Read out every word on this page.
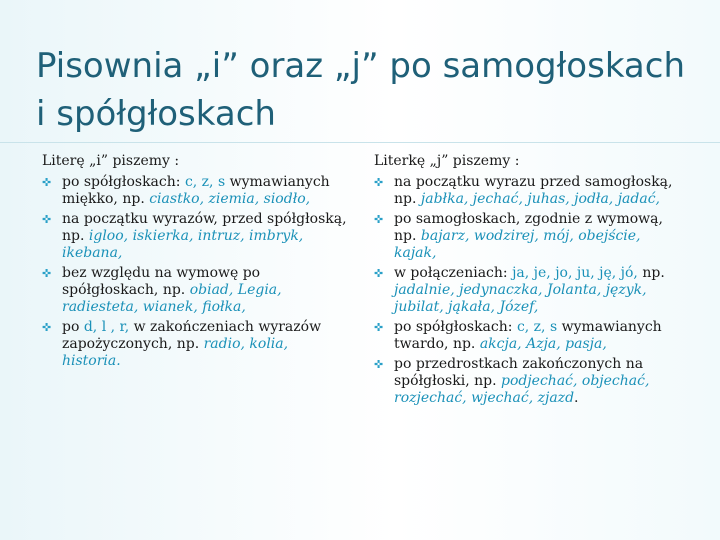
Pisownia „i” oraz „j” po samogłoskach i spółgłoskach
Literę „i” piszemy :
✜ po spółgłoskach: c, z, s wymawianych miękko, np. ciastko, ziemia, siodło,
✜ na początku wyrazów, przed spółgłoską, np. igloo, iskierka, intruz, imbryk, ikebana,
✜ bez względu na wymowę po spółgłoskach, np. obiad, Legia, radiesteta, wianek, fiołka,
✜ po d, l , r, w zakończeniach wyrazów zapożyczonych, np. radio, kolia, historia.
Literkę „j” piszemy :
✜ na początku wyrazu przed samogłoską, np. jabłka, jechać, juhas, jodła, jadać,
✜ po samogłoskach, zgodnie z wymową, np. bajarz, wodzirej, mój, obejście, kajak,
✜ w połączeniach: ja, je, jo, ju, ję, jó, np. jadalnie, jedynaczka, Jolanta, język, jubilat, jąkała, Józef,
✜ po spółgłoskach: c, z, s wymawianych twardo, np. akcja, Azja, pasja,
✜ po przedrostkach zakończonych na spółgłoski, np. podjechać, objechać, rozjechać, wjechać, zjazd.
